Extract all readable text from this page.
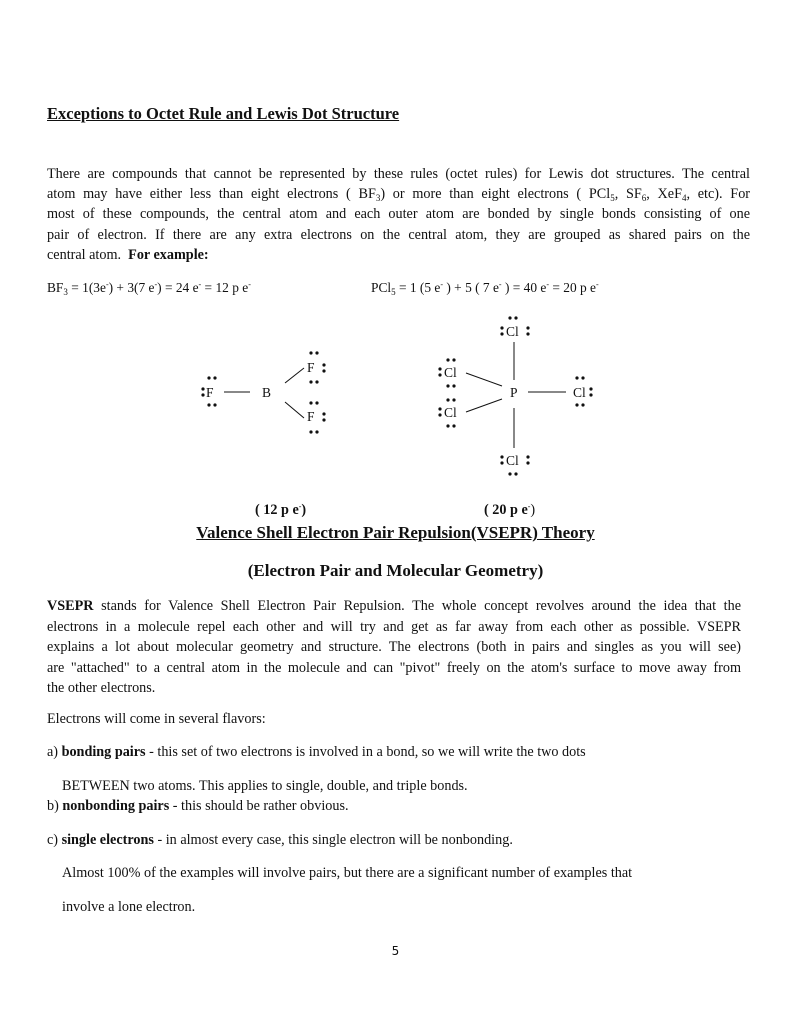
Exceptions to Octet Rule and Lewis Dot Structure
There are compounds that cannot be represented by these rules (octet rules) for Lewis dot structures. The central
atom may have either less than eight electrons ( $BF_3$) or more than eight electrons ( PCl$_5$, $SF_6$, XeF$_4$, etc). For
most of these compounds, the central atom and each outer atom are bonded by single bonds consisting of one
pair of electron. If there are any extra electrons on the central atom, they are grouped as shared pairs on the
central atom. For example:
$BF_3 = 1(3e^-) + 3(7$ e-) = 24 e- = 12 p e-	PCl$_5$ = 1 (5 e- ) + 5 ( 7 e- ) = 40 e- = 20 p e-
F	B
F
F
Cl
Cl
Cl
P	Cl
Cl
( 12 p e-)	( 20 p e-)
Valence Shell Electron Pair Repulsion(VSEPR) Theory
(Electron Pair and Molecular Geometry)
VSEPR stands for Valence Shell Electron Pair Repulsion. The whole concept revolves around the idea that the
electrons in a molecule repel each other and will try and get as far away from each other as possible. VSEPR
explains a lot about molecular geometry and structure. The electrons (both in pairs and singles as you will see)
are "attached" to a central atom in the molecule and can "pivot" freely on the atom's surface to move away from
the other electrons.
Electrons will come in several flavors:
a) bonding pairs - this set of two electrons is involved in a bond, so we will write the two dots
BETWEEN two atoms. This applies to single, double, and triple bonds.
b) nonbonding pairs - this should be rather obvious.
c) single electrons - in almost every case, this single electron will be nonbonding.
Almost 100% of the examples will involve pairs, but there are a significant number of examples that
involve a lone electron.
5
